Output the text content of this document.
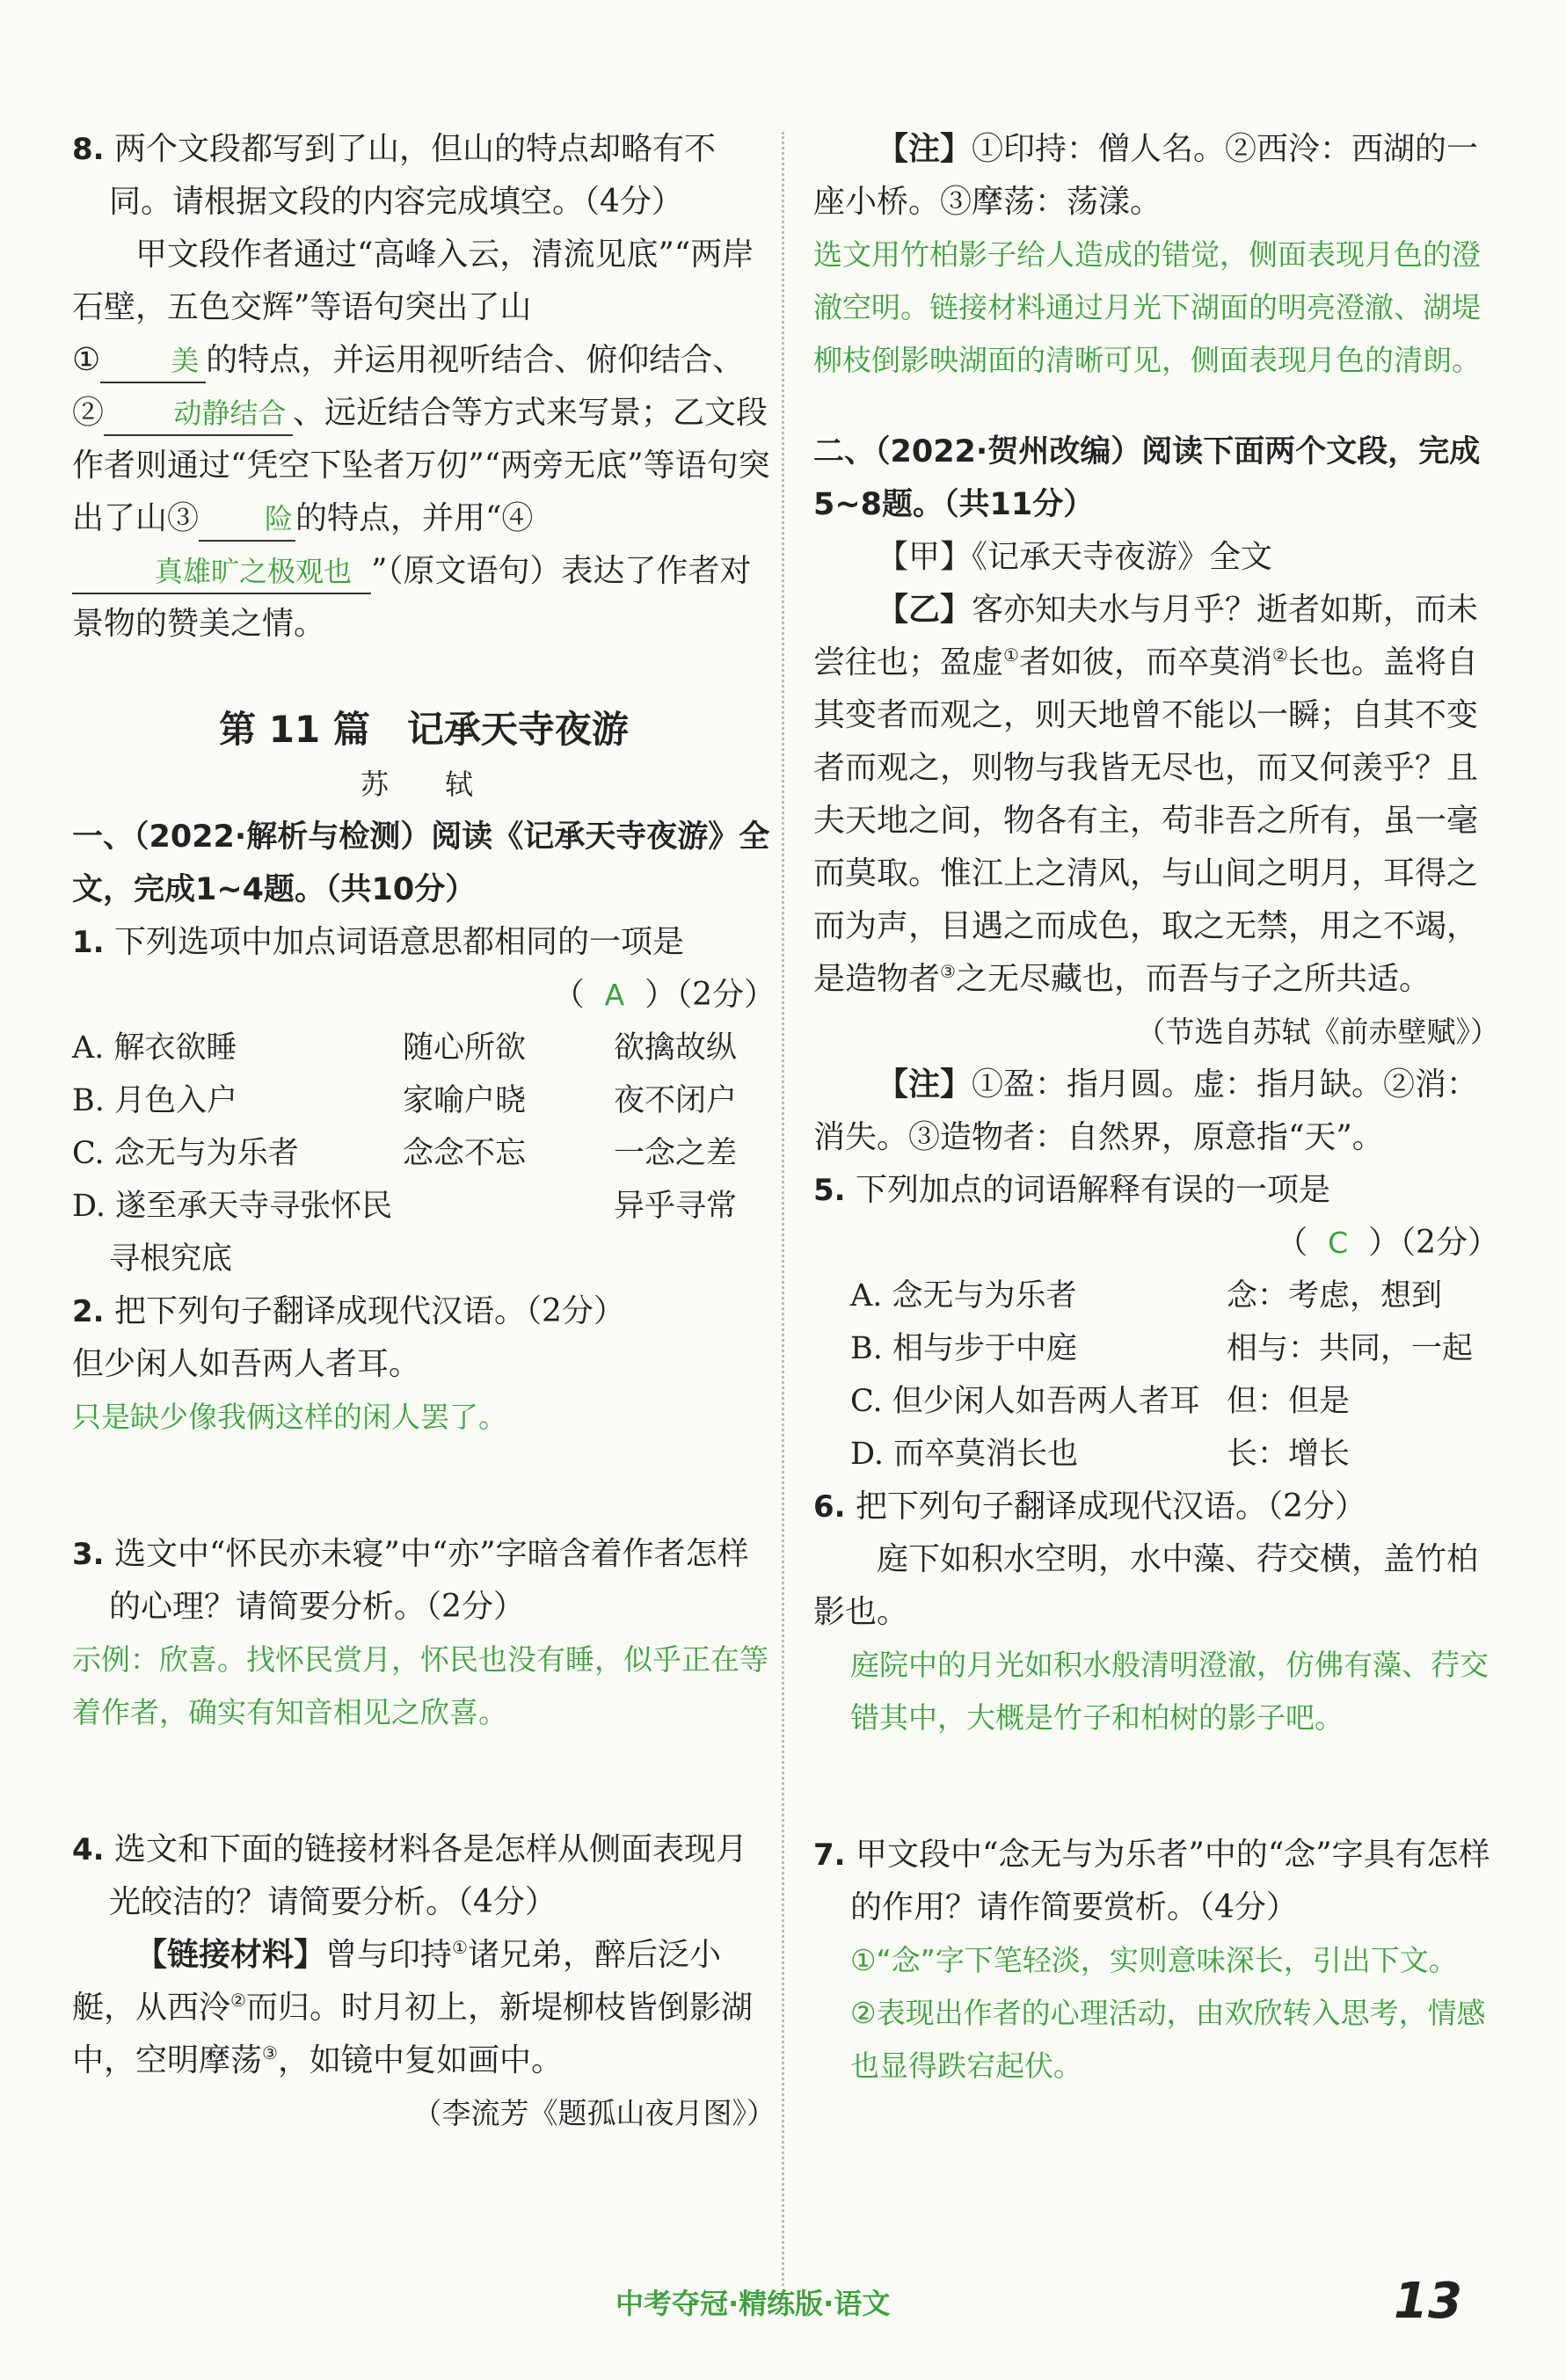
8. 两个文段都写到了山，但山的特点却略有不同。请根据文段的内容完成填空。（4分）

甲文段作者通过“高峰入云，清流见底”“两岸石壁，五色交辉”等语句突出了山
① 美 的特点，并运用视听结合、俯仰结合、② 动静结合 、远近结合等方式来写景；乙文段作者则通过“凭空下坠者万仞”“两旁无底”等语句突出了山③ 险的特点，并用“④真雄旷之极观也 ”（原文语句）表达了作者对景物的赞美之情。

第 11 篇　记承天寺夜游

苏　轼

一、（2022·解析与检测）阅读《记承天寺夜游》全文，完成1~4题。（共10分）

1. 下列选项中加点词语意思都相同的一项是

（ A ）（2分）

A. 解衣欲睡	随心所欲	欲擒故纵
B. 月色入户	家喻户晓	夜不闭户
C. 念无与为乐者	念念不忘	一念之差
D. 遂至承天寺寻张怀民		异乎寻常
寻根究底		

2. 把下列句子翻译成现代汉语。（2分）

但少闲人如吾两人者耳。

只是缺少像我俩这样的闲人罢了。

3. 选文中“怀民亦未寝”中“亦”字暗含着作者怎样的心理？请简要分析。（2分）

示例：欣喜。找怀民赏月，怀民也没有睡，似乎正在等着作者，确实有知音相见之欣喜。

4. 选文和下面的链接材料各是怎样从侧面表现月光皎洁的？请简要分析。（4分）

【链接材料】曾与印持①诸兄弟，醉后泛小艇，从西泠②而归。时月初上，新堤柳枝皆倒影湖中，空明摩荡③，如镜中复如画中。

（李流芳《题孤山夜月图》）

【注】①印持：僧人名。②西泠：西湖的一座小桥。③摩荡：荡漾。

选文用竹柏影子给人造成的错觉，侧面表现月色的澄澈空明。链接材料通过月光下湖面的明亮澄澈、湖堤柳枝倒影映湖面的清晰可见，侧面表现月色的清朗。

二、（2022·贺州改编）阅读下面两个文段，完成5~8题。（共11分）

【甲】《记承天寺夜游》全文

【乙】客亦知夫水与月乎？逝者如斯，而未尝往也；盈虚①者如彼，而卒莫消②长也。盖将自其变者而观之，则天地曾不能以一瞬；自其不变者而观之，则物与我皆无尽也，而又何羡乎？且夫天地之间，物各有主，苟非吾之所有，虽一毫而莫取。惟江上之清风，与山间之明月，耳得之而为声，目遇之而成色，取之无禁，用之不竭，是造物者③之无尽藏也，而吾与子之所共适。

（节选自苏轼《前赤壁赋》）

【注】①盈：指月圆。虚：指月缺。②消：消失。③造物者：自然界，原意指“天”。

5. 下列加点的词语解释有误的一项是

（ C ）（2分）

A. 念无与为乐者	念：考虑，想到
B. 相与步于中庭	相与：共同，一起
C. 但少闲人如吾两人者耳	但：但是
D. 而卒莫消长也	长：增长

6. 把下列句子翻译成现代汉语。（2分）

庭下如积水空明，水中藻、荇交横，盖竹柏影也。

庭院中的月光如积水般清明澄澈，仿佛有藻、荇交错其中，大概是竹子和柏树的影子吧。

7. 甲文段中“念无与为乐者”中的“念”字具有怎样的作用？请作简要赏析。（4分）

①“念”字下笔轻淡，实则意味深长，引出下文。

②表现出作者的心理活动，由欢欣转入思考，情感也显得跌宕起伏。

中考夺冠·精练版·语文	13
